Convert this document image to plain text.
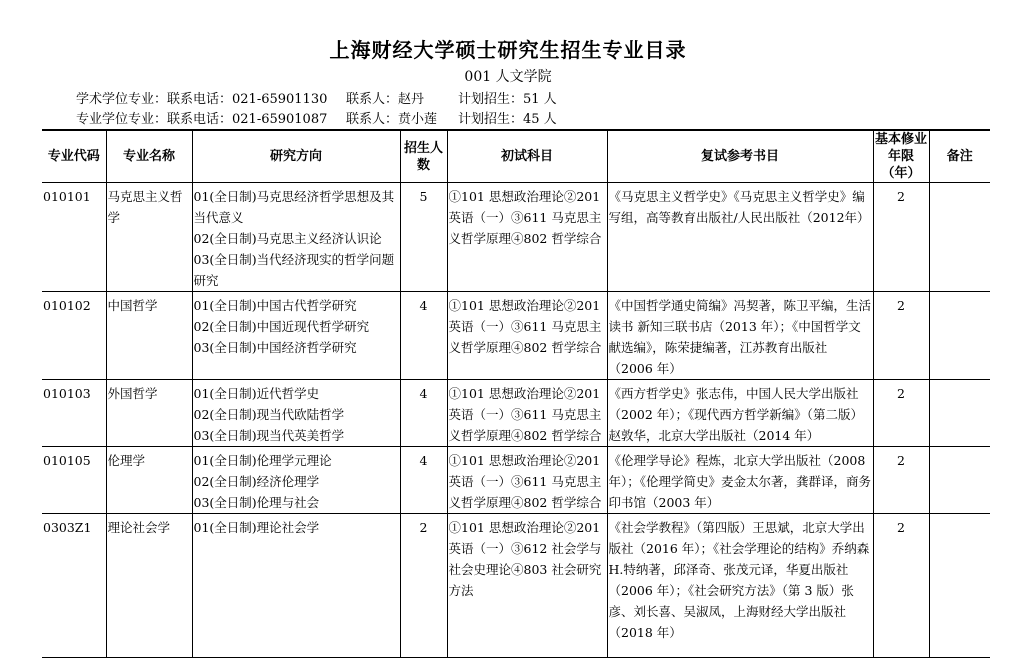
上海财经大学硕士研究生招生专业目录
001 人文学院
学术学位专业：联系电话：021-65901130 联系人：赵丹	计划招生：51 人
专业学位专业：联系电话：021-65901087 联系人：贲小莲 计划招生：45 人
专业代码	专业名称	研究方向	招生人数	初试科目	复试参考书目	基本修业年限（年）	备注
010101	马克思主义哲学	01(全日制)马克思经济哲学思想及其当代意义
02(全日制)马克思主义经济认识论
03(全日制)当代经济现实的哲学问题研究	5	①101 思想政治理论②201 英语（一）③611 马克思主义哲学原理④802 哲学综合	《马克思主义哲学史》《马克思主义哲学史》编写组，高等教育出版社/人民出版社（2012年）	2	
010102	中国哲学	01(全日制)中国古代哲学研究
02(全日制)中国近现代哲学研究
03(全日制)中国经济哲学研究	4	①101 思想政治理论②201 英语（一）③611 马克思主义哲学原理④802 哲学综合	《中国哲学通史简编》冯契著，陈卫平编，生活 读书 新知三联书店（2013 年）；《中国哲学文献选编》，陈荣捷编著，江苏教育出版社（2006 年）	2	
010103	外国哲学	01(全日制)近代哲学史
02(全日制)现当代欧陆哲学
03(全日制)现当代英美哲学	4	①101 思想政治理论②201 英语（一）③611 马克思主义哲学原理④802 哲学综合	《西方哲学史》张志伟，中国人民大学出版社（2002 年）；《现代西方哲学新编》（第二版）赵敦华，北京大学出版社（2014 年）	2	
010105	伦理学	01(全日制)伦理学元理论
02(全日制)经济伦理学
03(全日制)伦理与社会	4	①101 思想政治理论②201 英语（一）③611 马克思主义哲学原理④802 哲学综合	《伦理学导论》程炼，北京大学出版社（2008年）；《伦理学简史》麦金太尔著，龚群译，商务印书馆（2003 年）	2	
0303Z1	理论社会学	01(全日制)理论社会学	2	①101 思想政治理论②201 英语（一）③612 社会学与社会史理论④803 社会研究方法	《社会学教程》（第四版）王思斌，北京大学出版社（2016 年）；《社会学理论的结构》乔纳森 H.特纳著，邱泽奇、张茂元译，华夏出版社（2006 年）；《社会研究方法》（第 3 版）张彦、刘长喜、吴淑凤，上海财经大学出版社（2018 年）	2	
